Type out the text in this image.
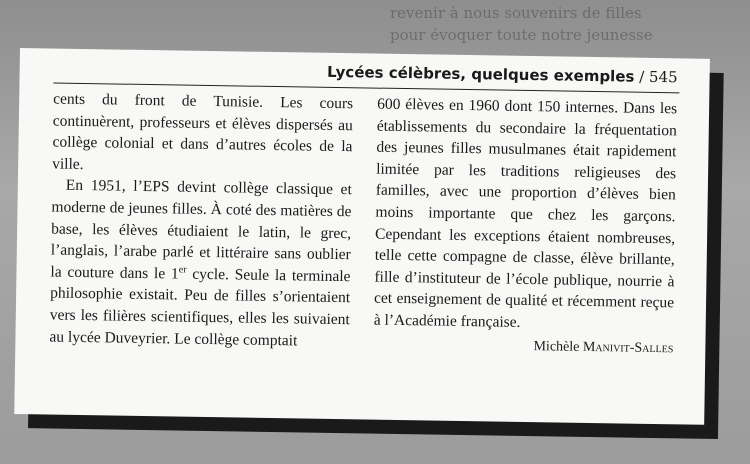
revenir à nous souvenirs de filles
pour évoquer toute notre jeunesse
Lycées célèbres, quelques exemples / 545

cents du front de Tunisie. Les cours continuèrent, professeurs et élèves dispersés au collège colonial et dans d’autres écoles de la ville.

En 1951, l’EPS devint collège classique et moderne de jeunes filles. À coté des matières de base, les élèves étudiaient le latin, le grec, l’anglais, l’arabe parlé et littéraire sans oublier la couture dans le 1er cycle. Seule la terminale philosophie existait. Peu de filles s’orientaient vers les filières scientifiques, elles les suivaient au lycée Duveyrier. Le collège comptait

600 élèves en 1960 dont 150 internes. Dans les établissements du secondaire la fréquentation des jeunes filles musulmanes était rapidement limitée par les traditions religieuses des familles, avec une proportion d’élèves bien moins importante que chez les garçons. Cependant les exceptions étaient nombreuses, telle cette compagne de classe, élève brillante, fille d’instituteur de l’école publique, nourrie à cet enseignement de qualité et récemment reçue à l’Académie française.

Michèle Manivit-Salles
